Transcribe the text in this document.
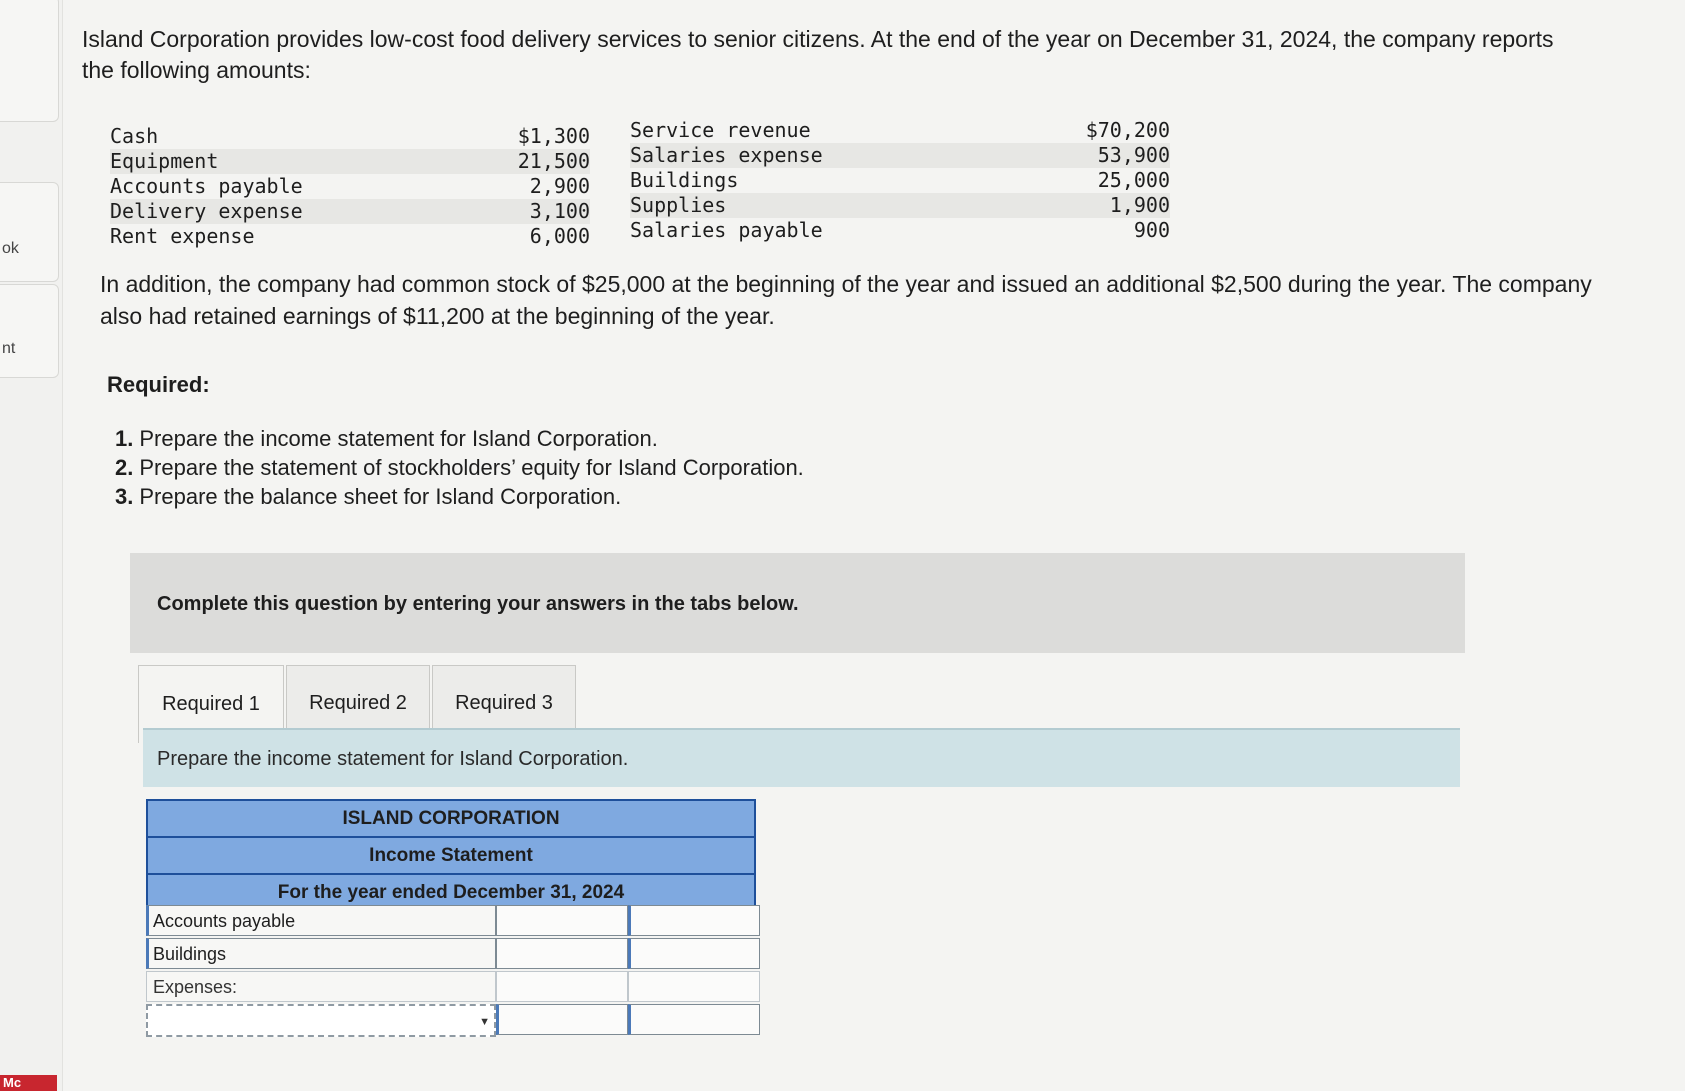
ok
nt
Mc
Island Corporation provides low-cost food delivery services to senior citizens. At the end of the year on December 31, 2024, the company reports the following amounts:
Cash	$1,300
Equipment	21,500
Accounts payable	2,900
Delivery expense	3,100
Rent expense	6,000
Service revenue	$70,200
Salaries expense	53,900
Buildings	25,000
Supplies	1,900
Salaries payable	900
In addition, the company had common stock of $25,000 at the beginning of the year and issued an additional $2,500 during the year. The company also had retained earnings of $11,200 at the beginning of the year.
Required:
1. Prepare the income statement for Island Corporation.
2. Prepare the statement of stockholders’ equity for Island Corporation.
3. Prepare the balance sheet for Island Corporation.
Complete this question by entering your answers in the tabs below.
Required 1	Required 2	Required 3
Prepare the income statement for Island Corporation.
ISLAND CORPORATION
Income Statement
For the year ended December 31, 2024
Accounts payable
Buildings
Expenses:
▼
